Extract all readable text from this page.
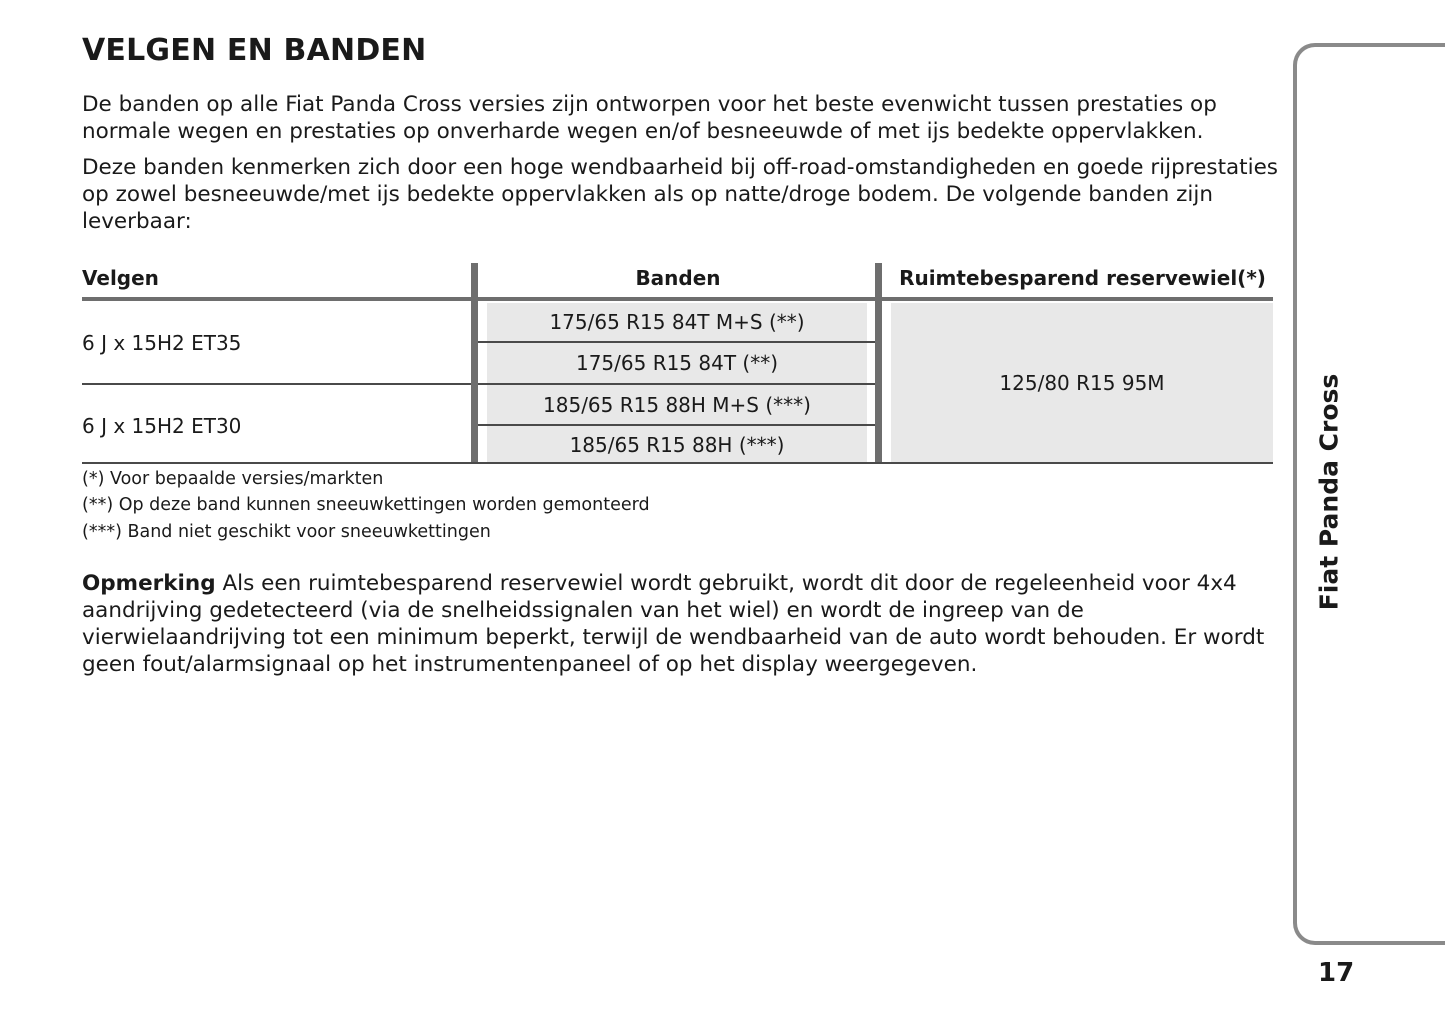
VELGEN EN BANDEN
De banden op alle Fiat Panda Cross versies zijn ontworpen voor het beste evenwicht tussen prestaties op normale wegen en prestaties op onverharde wegen en/of besneeuwde of met ijs bedekte oppervlakken.
Deze banden kenmerken zich door een hoge wendbaarheid bij off-road-omstandigheden en goede rijprestaties op zowel besneeuwde/met ijs bedekte oppervlakken als op natte/droge bodem. De volgende banden zijn leverbaar:
Velgen	Banden	Ruimtebesparend reservewiel(*)
6 J x 15H2 ET35
6 J x 15H2 ET30
175/65 R15 84T M+S (**)
175/65 R15 84T (**)
185/65 R15 88H M+S (***)
185/65 R15 88H (***)
125/80 R15 95M
(*) Voor bepaalde versies/markten
(**) Op deze band kunnen sneeuwkettingen worden gemonteerd
(***) Band niet geschikt voor sneeuwkettingen
Opmerking Als een ruimtebesparend reservewiel wordt gebruikt, wordt dit door de regeleenheid voor 4x4 aandrijving gedetecteerd (via de snelheidssignalen van het wiel) en wordt de ingreep van de vierwielaandrijving tot een minimum beperkt, terwijl de wendbaarheid van de auto wordt behouden. Er wordt geen fout/alarmsignaal op het instrumentenpaneel of op het display weergegeven.
Fiat Panda Cross
17
